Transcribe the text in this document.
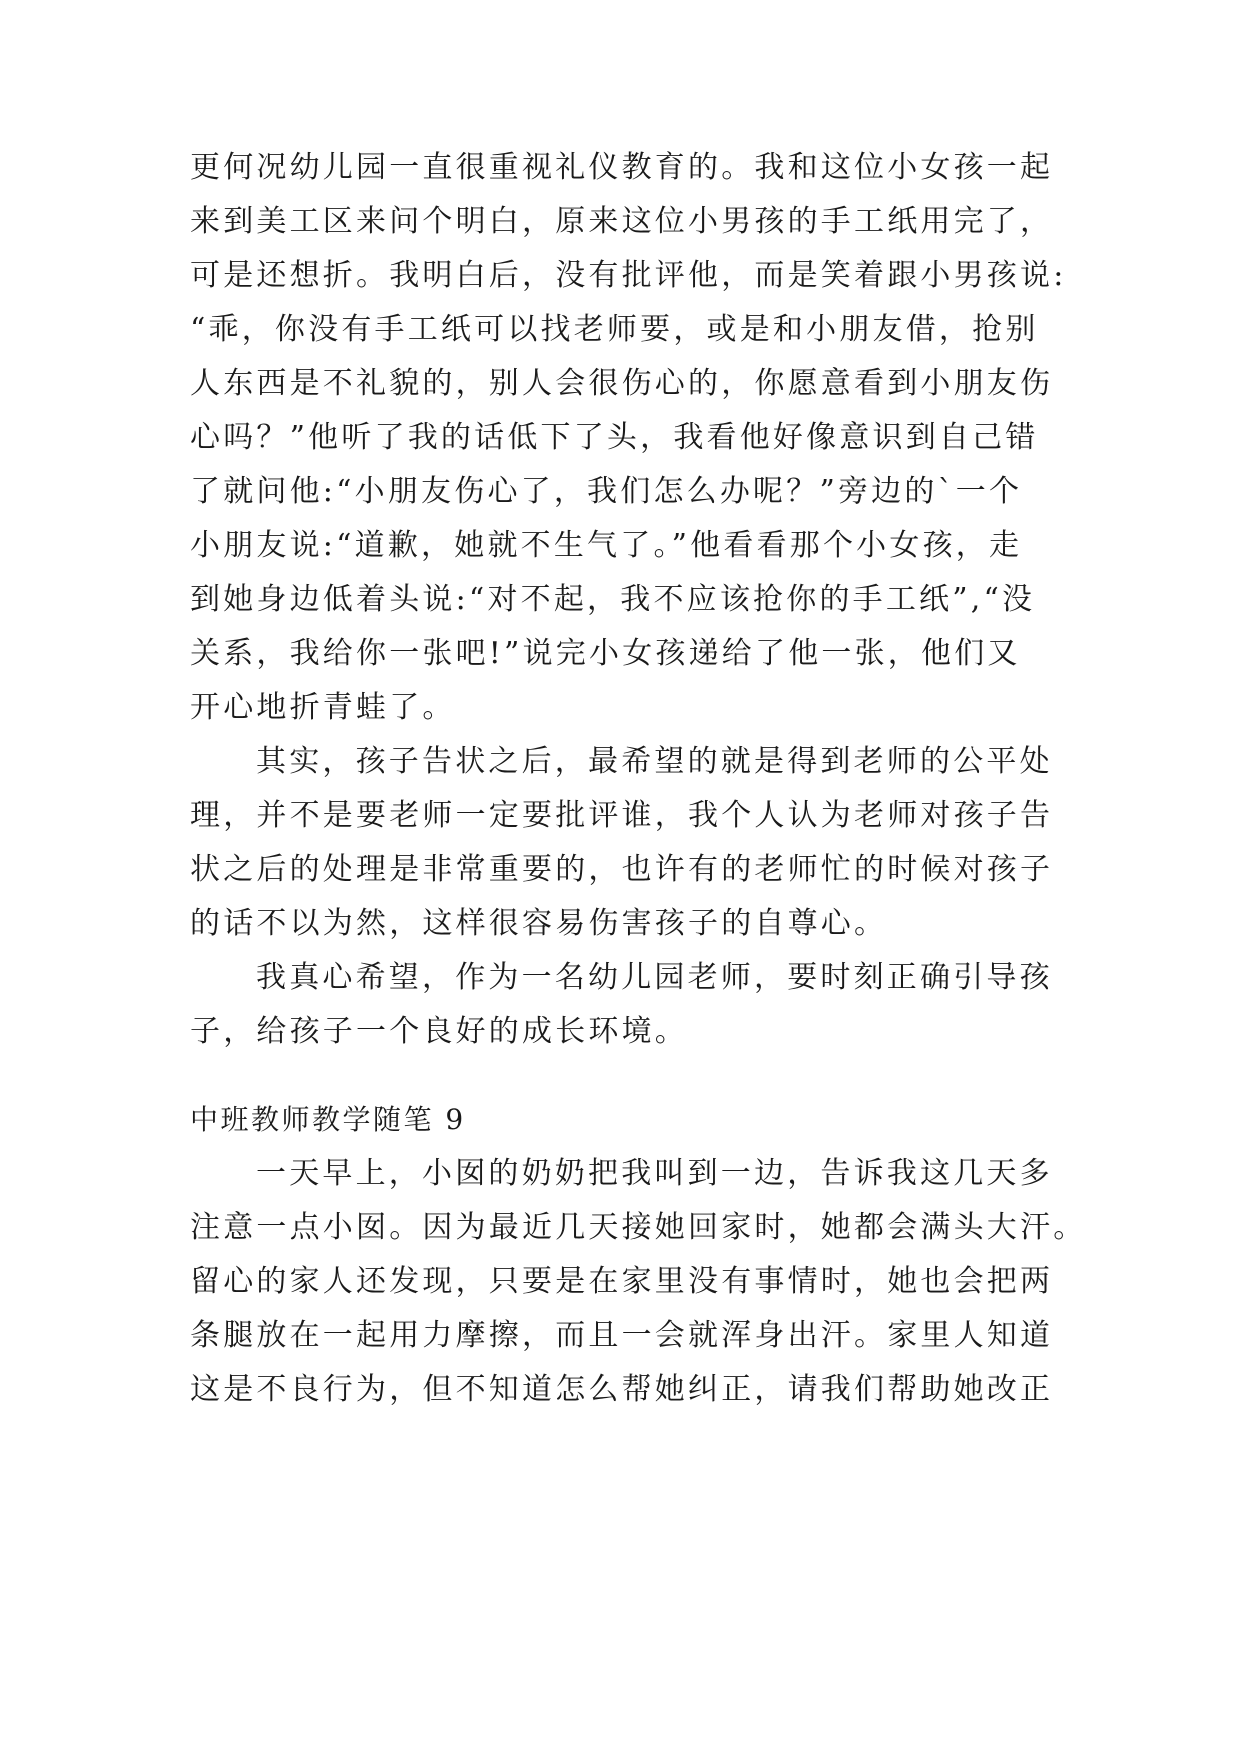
更何况幼儿园一直很重视礼仪教育的。我和这位小女孩一起
来到美工区来问个明白，原来这位小男孩的手工纸用完了，
可是还想折。我明白后，没有批评他，而是笑着跟小男孩说:
“乖，你没有手工纸可以找老师要，或是和小朋友借，抢别
人东西是不礼貌的，别人会很伤心的，你愿意看到小朋友伤
心吗？”他听了我的话低下了头，我看他好像意识到自己错
了就问他:“小朋友伤心了，我们怎么办呢？”旁边的`一个
小朋友说:“道歉，她就不生气了。”他看看那个小女孩，走
到她身边低着头说:“对不起，我不应该抢你的手工纸”,“没
关系，我给你一张吧!”说完小女孩递给了他一张，他们又
开心地折青蛙了。
其实，孩子告状之后，最希望的就是得到老师的公平处
理，并不是要老师一定要批评谁，我个人认为老师对孩子告
状之后的处理是非常重要的，也许有的老师忙的时候对孩子
的话不以为然，这样很容易伤害孩子的自尊心。
我真心希望，作为一名幼儿园老师，要时刻正确引导孩
子，给孩子一个良好的成长环境。
中班教师教学随笔 9
一天早上，小囡的奶奶把我叫到一边，告诉我这几天多
注意一点小囡。因为最近几天接她回家时，她都会满头大汗。
留心的家人还发现，只要是在家里没有事情时，她也会把两
条腿放在一起用力摩擦，而且一会就浑身出汗。家里人知道
这是不良行为，但不知道怎么帮她纠正，请我们帮助她改正
